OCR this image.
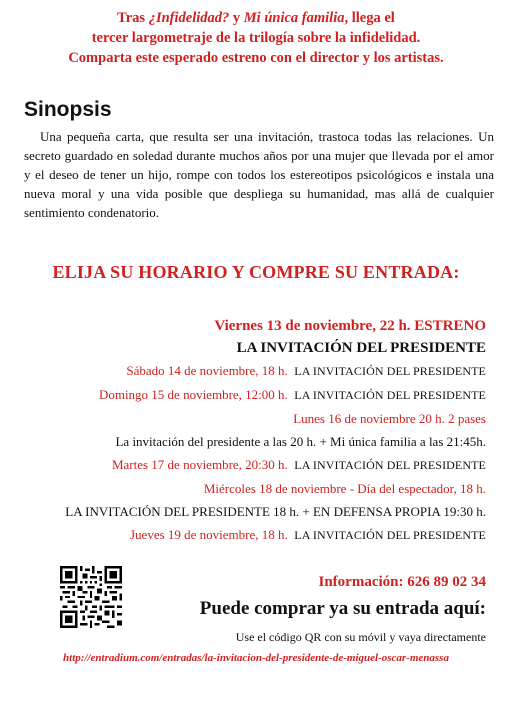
Tras ¿Infidelidad? y Mi única familia, llega el
tercer largometraje de la trilogía sobre la infidelidad.
Comparta este esperado estreno con el director y los artistas.
Sinopsis
Una pequeña carta, que resulta ser una invitación, trastoca todas las relaciones. Un secreto guardado en soledad durante muchos años por una mujer que llevada por el amor y el deseo de tener un hijo, rompe con todos los estereotipos psicológicos e instala una nueva moral y una vida posible que despliega su humanidad, mas allá de cualquier sentimiento condenatorio.
ELIJA SU HORARIO Y COMPRE SU ENTRADA:
Viernes 13 de noviembre, 22 h. ESTRENO
LA INVITACIÓN DEL PRESIDENTE
Sábado 14 de noviembre, 18 h. LA INVITACIÓN DEL PRESIDENTE
Domingo 15 de noviembre, 12:00 h. LA INVITACIÓN DEL PRESIDENTE
Lunes 16 de noviembre 20 h. 2 pases
La invitación del presidente a las 20 h. + Mi única familia a las 21:45h.
Martes 17 de noviembre, 20:30 h. LA INVITACIÓN DEL PRESIDENTE
Miércoles 18 de noviembre - Día del espectador, 18 h.
LA INVITACIÓN DEL PRESIDENTE 18 h. + EN DEFENSA PROPIA 19:30 h.
Jueves 19 de noviembre, 18 h. LA INVITACIÓN DEL PRESIDENTE
Información: 626 89 02 34
Puede comprar ya su entrada aquí:
Use el código QR con su móvil y vaya directamente
http://entradium.com/entradas/la-invitacion-del-presidente-de-miguel-oscar-menassa
